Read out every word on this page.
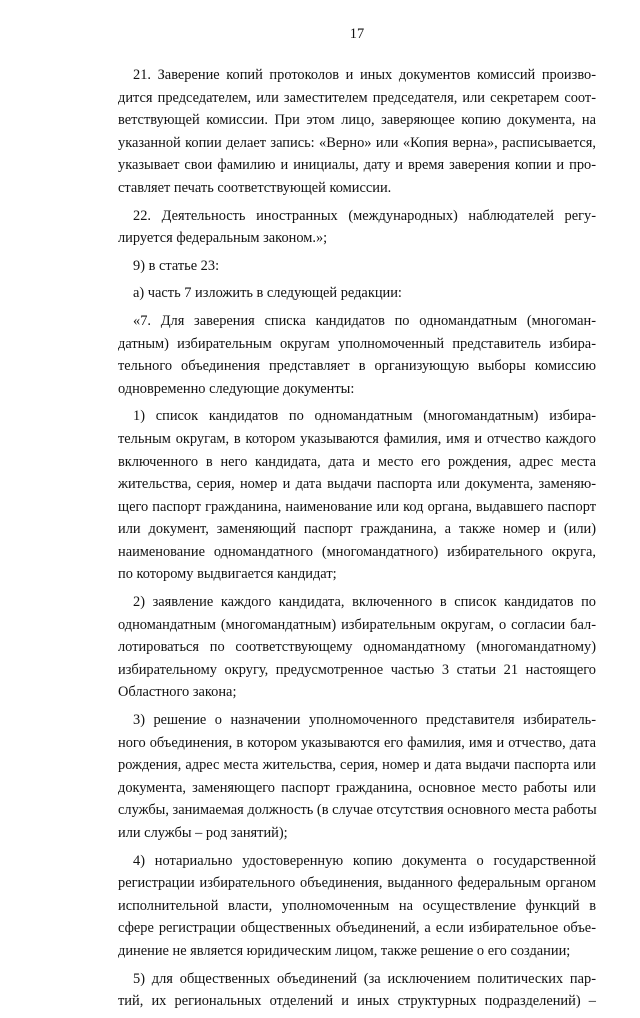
17
21. Заверение копий протоколов и иных документов комиссий произво-
дится председателем, или заместителем председателя, или секретарем соот-
ветствующей комиссии. При этом лицо, заверяющее копию документа, на
указанной копии делает запись: «Верно» или «Копия верна», расписывается,
указывает свои фамилию и инициалы, дату и время заверения копии и про-
ставляет печать соответствующей комиссии.
22. Деятельность иностранных (международных) наблюдателей регу-
лируется федеральным законом.»;
9) в статье 23:
а) часть 7 изложить в следующей редакции:
«7. Для заверения списка кандидатов по одномандатным (многоман-
датным) избирательным округам уполномоченный представитель избира-
тельного объединения представляет в организующую выборы комиссию
одновременно следующие документы:
1) список кандидатов по одномандатным (многомандатным) избира-
тельным округам, в котором указываются фамилия, имя и отчество каждого
включенного в него кандидата, дата и место его рождения, адрес места
жительства, серия, номер и дата выдачи паспорта или документа, заменяю-
щего паспорт гражданина, наименование или код органа, выдавшего паспорт
или документ, заменяющий паспорт гражданина, а также номер и (или)
наименование одномандатного (многомандатного) избирательного округа,
по которому выдвигается кандидат;
2) заявление каждого кандидата, включенного в список кандидатов по
одномандатным (многомандатным) избирательным округам, о согласии бал-
лотироваться по соответствующему одномандатному (многомандатному)
избирательному округу, предусмотренное частью 3 статьи 21 настоящего
Областного закона;
3) решение о назначении уполномоченного представителя избиратель-
ного объединения, в котором указываются его фамилия, имя и отчество, дата
рождения, адрес места жительства, серия, номер и дата выдачи паспорта или
документа, заменяющего паспорт гражданина, основное место работы или
службы, занимаемая должность (в случае отсутствия основного места работы
или службы – род занятий);
4) нотариально удостоверенную копию документа о государственной
регистрации избирательного объединения, выданного федеральным органом
исполнительной власти, уполномоченным на осуществление функций в
сфере регистрации общественных объединений, а если избирательное объе-
динение не является юридическим лицом, также решение о его создании;
5) для общественных объединений (за исключением политических пар-
тий, их региональных отделений и иных структурных подразделений) –
